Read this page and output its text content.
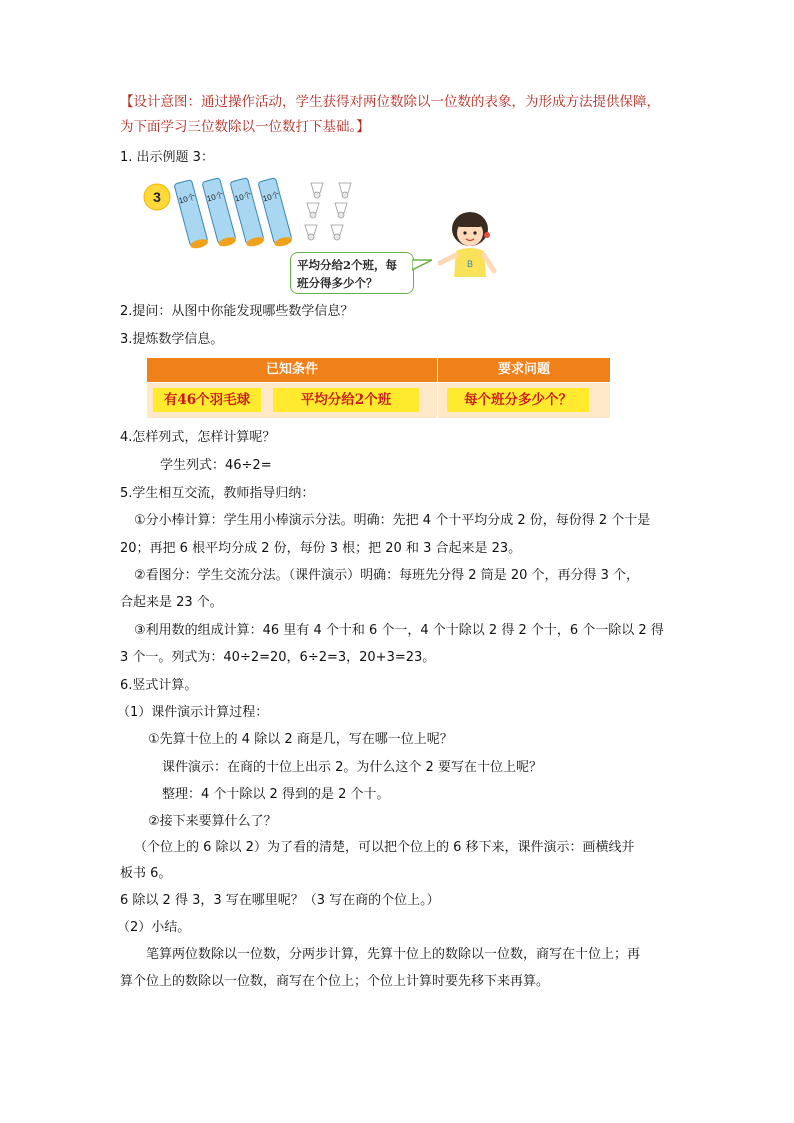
【设计意图：通过操作活动，学生获得对两位数除以一位数的表象，为形成方法提供保障，
为下面学习三位数除以一位数打下基础。】
1. 出示例题 3：
3 10个 10个 10个 10个
平均分给2个班，每
班分得多少个？
B
2.提问：从图中你能发现哪些数学信息？
3.提炼数学信息。
已知条件	要求问题
有46个羽毛球	平均分给2个班	每个班分多少个？
4.怎样列式，怎样计算呢？
学生列式：46÷2=
5.学生相互交流，教师指导归纳：
①分小棒计算：学生用小棒演示分法。明确：先把 4 个十平均分成 2 份，每份得 2 个十是
20；再把 6 根平均分成 2 份，每份 3 根；把 20 和 3 合起来是 23。
②看图分：学生交流分法。（课件演示）明确：每班先分得 2 筒是 20 个，再分得 3 个，
合起来是 23 个。
③利用数的组成计算：46 里有 4 个十和 6 个一，4 个十除以 2 得 2 个十，6 个一除以 2 得
3 个一。列式为：40÷2=20，6÷2=3，20+3=23。
6.竖式计算。
（1）课件演示计算过程：
①先算十位上的 4 除以 2 商是几，写在哪一位上呢？
课件演示：在商的十位上出示 2。为什么这个 2 要写在十位上呢？
整理：4 个十除以 2 得到的是 2 个十。
②接下来要算什么了？
（个位上的 6 除以 2）为了看的清楚，可以把个位上的 6 移下来，课件演示：画横线并
板书 6。
6 除以 2 得 3，3 写在哪里呢？（3 写在商的个位上。）
（2）小结。
笔算两位数除以一位数，分两步计算，先算十位上的数除以一位数，商写在十位上；再
算个位上的数除以一位数，商写在个位上；个位上计算时要先移下来再算。
